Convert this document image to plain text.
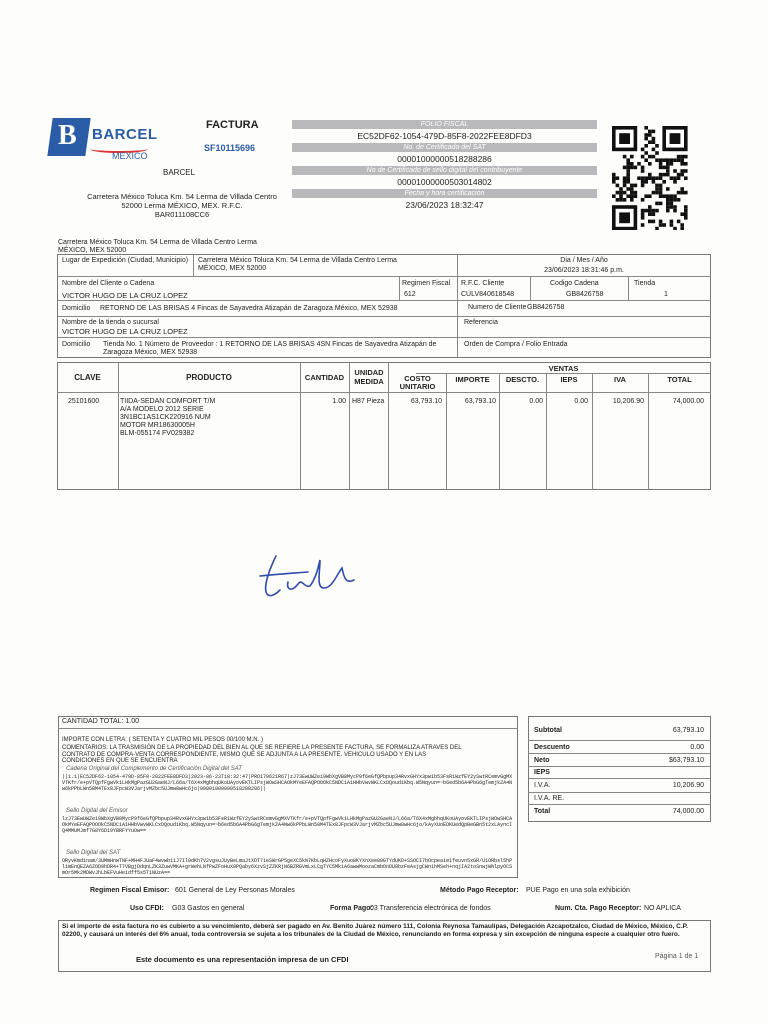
B BARCEL
MÉXICO
FACTURA
SF10115696
BARCEL
Carretera México Toluca Km. 54 Lerma de Villada Centro 52000 Lerma MÉXICO, MEX. R.F.C.
BAR011108CC6
FOLIO FISCAL
EC52DF62-1054-479D-85F8-2022FEE8DFD3
No. de Certificado del SAT
00001000000518288286
No de Certificado de sello digital del contribuyente
00001000000503014802
Fecha y hora certificación
23/06/2023 18:32:47
Carretera México Toluca Km. 54 Lerma de Villada Centro Lerma
MÉXICO, MEX 52000
Lugar de Expedición (Ciudad, Municipio) Carretera México Toluca Km. 54 Lerma de Villada Centro Lerma MÉXICO, MEX 52000
Dia / Mes / Año
23/06/2023 18:31:46 p.m.
Nombre del Cliente o Cadena
VICTOR HUGO DE LA CRUZ LOPEZ
Regimen Fiscal
612
R.F.C. Cliente
CULV840618548
Codigo Cadena
GB8426758
Tienda
1
Domicilio RETORNO DE LAS BRISAS 4 Fincas de Sayavedra Atizapán de Zaragoza México, MEX 52938	Numero de Cliente GB8426758
Nombre de la tienda o sucursal
VICTOR HUGO DE LA CRUZ LOPEZ
Referencia
Domicilio Tienda No. 1 Número de Proveedor : 1 RETORNO DE LAS BRISAS 4SN Fincas de Sayavedra Atizapán de Zaragoza México, MEX 52938
Orden de Compra / Folio Entrada
VENTAS
CLAVE	PRODUCTO	CANTIDAD
UNIDAD MEDIDA	COSTO UNITARIO
IMPORTE	DESCTO.	IEPS	IVA	TOTAL
25101600	TIIDA-SEDAN COMFORT T/M
A/A MODELO 2012 SERIE
3N1BC1AS1CK220916 NUM
MOTOR MR18630005H
BLM-055174 FV029382
1.00 H87 Pieza	63,793.10	63,793.10	0.00	0.00	10,206.90	74,000.00
CANTIDAD TOTAL: 1.00
IMPORTE CON LETRA: ( SETENTA Y CUATRO MIL PESOS 00/100 M.N. )
COMENTARIOS: LA TRASMISIÓN DE LA PROPIEDAD DEL BIEN AL QUE SE REFIERE LA PRESENTE FACTURA, SE FORMALIZA ATRAVES DEL CONTRATO DE COMPRA-VENTA CORRESPONDIENTE, MISMO QUE SE ADJUNTA A LA PRESENTE. VEHICULO USADO Y EN LAS CONDICIONES EN QUE SE ENCUENTRA
Cadena Original del Complemento de Certificación Digital del SAT
||1.1|EC52DF62-1054-479D-85F8-2022FEE8DFD3|2023-06-23T18:32:47|PRO170621R67|zJ73EwUWZe19WbXgVB8MycP9f6eGfQPbpup34RvxGHYx3pw1b53FsR1WzfEY2ySwtRCemvGgMXVTKfr/e+pVTQpfFgwVk1LHkMgPazGU2GaeNJ/L66a/T6X4xMgbhqUKoUAyovEKTLIPsjWOwSHCAOkMYeEFAQPOOOkC5NDCiA1HHbVwvWKLCxDQoudiKbq.W5Nqyun=~b6ed5b6A4PbG6gTemjkZA4Nw6kPPbLWn58M4TEx8JFpcW3VJarjvMZbc5UJmw8wHc6jo|00001000000518288286||
Sello Digital del Emisor
lzJ73EwUWZe19WbXgVB8MycP9f6eGfQPbpup34RvxGHYx3pw1b53FsR1WzfEY2ySwtRCemvGgMXVTKfr/e+pVTQpfFgwVk1LHkMgPazGU2GaeNJ/L66a/T6X4xMgbhqUKoUAyovEKTLIPsjWOwSHCAOkMYeEFAQPOOOkC5NDCiA1HHbVwvWKLCxDQoudiKbq.W5Nqyun=~b6ed5b6A4PbG6gTemjkZA4Nw6kPPbLWn58M4TEx8JFpcW3VJarjvMZbc5UJmw8wHc6jo/kAyXUoEDKUedQpBeGBn5t2xLAyncIQ4MMUMJmf7G8Y6Di9YBRFYYuOw==
Sello Digital del SAT
ORyvKmd1nam/3UMmHnwTNF+MH4FJUaF4wvwb11J7Il0dKh7V2vgsuJUyBeLmaJtXDT7ieSWrGP5geXC5kN7KbLqHZHcoFyXuo8KYXnXee80GTYdUKD+SSOCI7bOcpeaie1feuvn5xGR/U1ORbsl5hPlimEnQEZA6ZOD9hDR4+T7VBgjDdqnLZK3ZuwVMKA+grWehLNfPwZFoHuX0PQaby6XzvSjZZKRjN6BZRGVmLxLCgTYC5MkiA6awwMoozaCmbOnDU8bzFeAsjgCWn1hMSeh+nqjIA2toSnwjWNlpyOCSmOr5Mk2MDWvJhLbEFVuHeidff5s5TiNUzA==
Subtotal	63,793.10
Descuento	0.00
Neto	$63,793.10
IEPS
I.V.A.	10,206.90
I.V.A. RE.
Total	74,000.00
Regimen Fiscal Emisor: 601 General de Ley Personas Morales	Método Pago Receptor: PUE Pago en una sola exhibición
Uso CFDI: G03 Gastos en general	Forma Pago:
03 Transferencia electrónica de fondos	Num. Cta. Pago Receptor: NO APLICA
Si el importe de esta factura no es cubierto a su vencimiento, deberá ser pagado en Av. Benito Juárez número 111, Colonia Reynosa Tamaulipas, Delegación Azcapotzalco, Ciudad de México, México, C.P. 02200, y causará un interés del 6% anual, toda controversia se sujeta a los tribunales de la Ciudad de México, renunciando en forma expresa y sin excepción de ninguna especie a cualquier otro fuero.
Este documento es una representación impresa de un CFDI	Página 1 de 1
